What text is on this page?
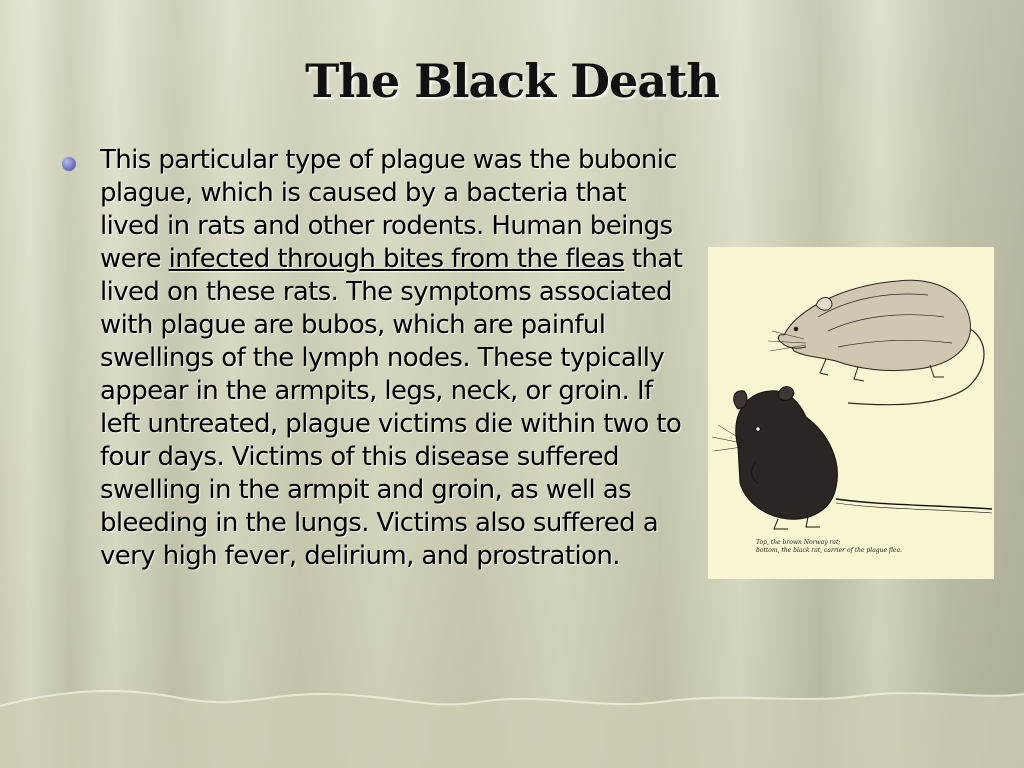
The Black Death

This particular type of plague was the bubonic plague, which is caused by a bacteria that lived in rats and other rodents. Human beings were infected through bites from the fleas that lived on these rats. The symptoms associated with plague are bubos, which are painful swellings of the lymph nodes. These typically appear in the armpits, legs, neck, or groin. If left untreated, plague victims die within two to four days. Victims of this disease suffered swelling in the armpit and groin, as well as bleeding in the lungs. Victims also suffered a very high fever, delirium, and prostration.	Top, the brown Norway rat;
bottom, the black rat, carrier of the plague flea.
